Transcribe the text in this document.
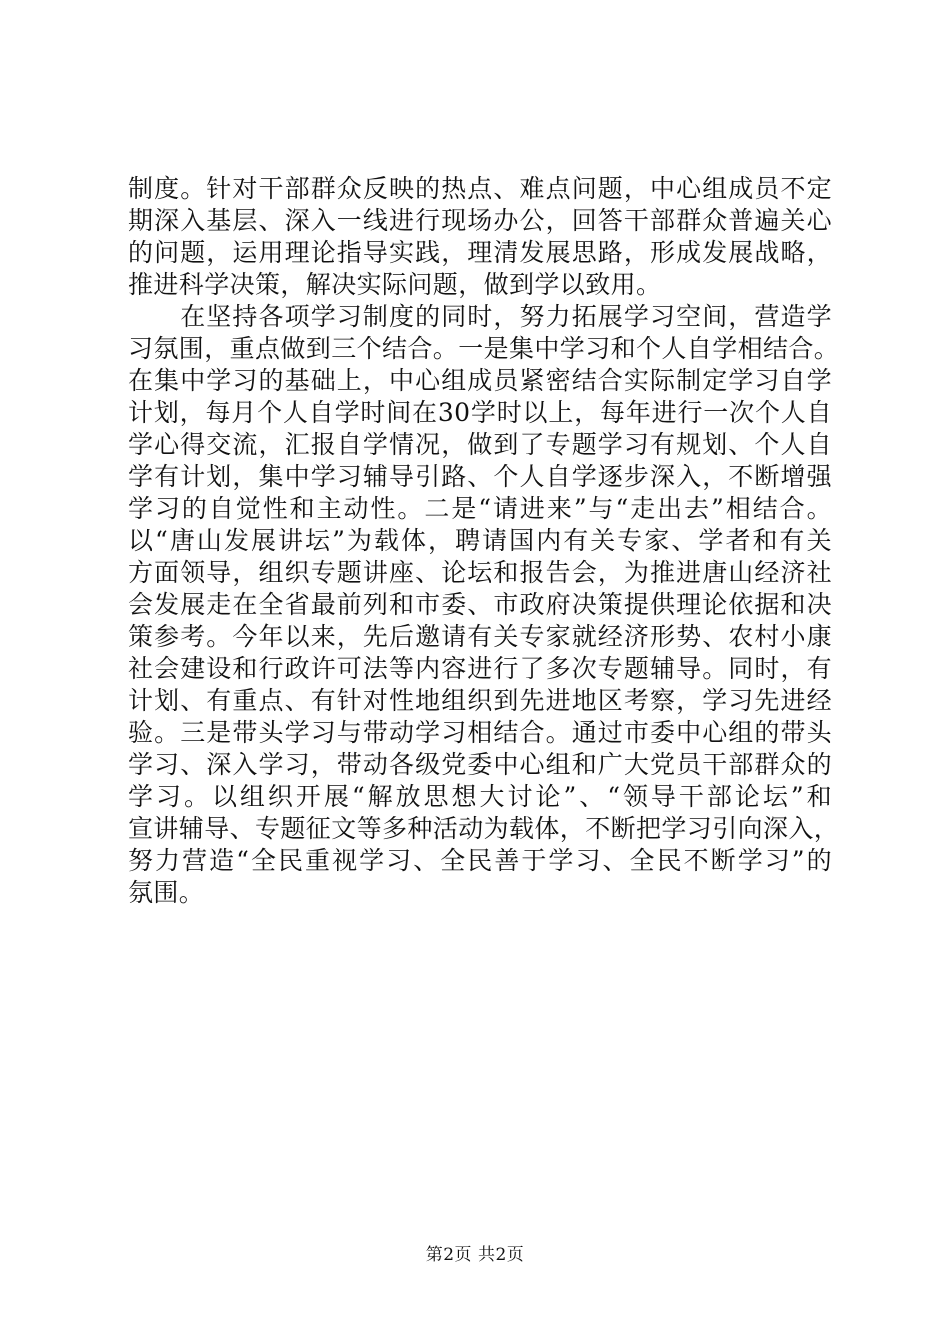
制度。针对干部群众反映的热点、难点问题，中心组成员不定
期深入基层、深入一线进行现场办公，回答干部群众普遍关心
的问题，运用理论指导实践，理清发展思路，形成发展战略，
推进科学决策，解决实际问题，做到学以致用。
　　在坚持各项学习制度的同时，努力拓展学习空间，营造学
习氛围，重点做到三个结合。一是集中学习和个人自学相结合。
在集中学习的基础上，中心组成员紧密结合实际制定学习自学
计划，每月个人自学时间在30学时以上，每年进行一次个人自
学心得交流，汇报自学情况，做到了专题学习有规划、个人自
学有计划，集中学习辅导引路、个人自学逐步深入，不断增强
学习的自觉性和主动性。二是“请进来”与“走出去”相结合。
以“唐山发展讲坛”为载体，聘请国内有关专家、学者和有关
方面领导，组织专题讲座、论坛和报告会，为推进唐山经济社
会发展走在全省最前列和市委、市政府决策提供理论依据和决
策参考。今年以来，先后邀请有关专家就经济形势、农村小康
社会建设和行政许可法等内容进行了多次专题辅导。同时，有
计划、有重点、有针对性地组织到先进地区考察，学习先进经
验。三是带头学习与带动学习相结合。通过市委中心组的带头
学习、深入学习，带动各级党委中心组和广大党员干部群众的
学习。以组织开展“解放思想大讨论”、“领导干部论坛”和
宣讲辅导、专题征文等多种活动为载体，不断把学习引向深入，
努力营造“全民重视学习、全民善于学习、全民不断学习”的
氛围。
第2页 共2页
